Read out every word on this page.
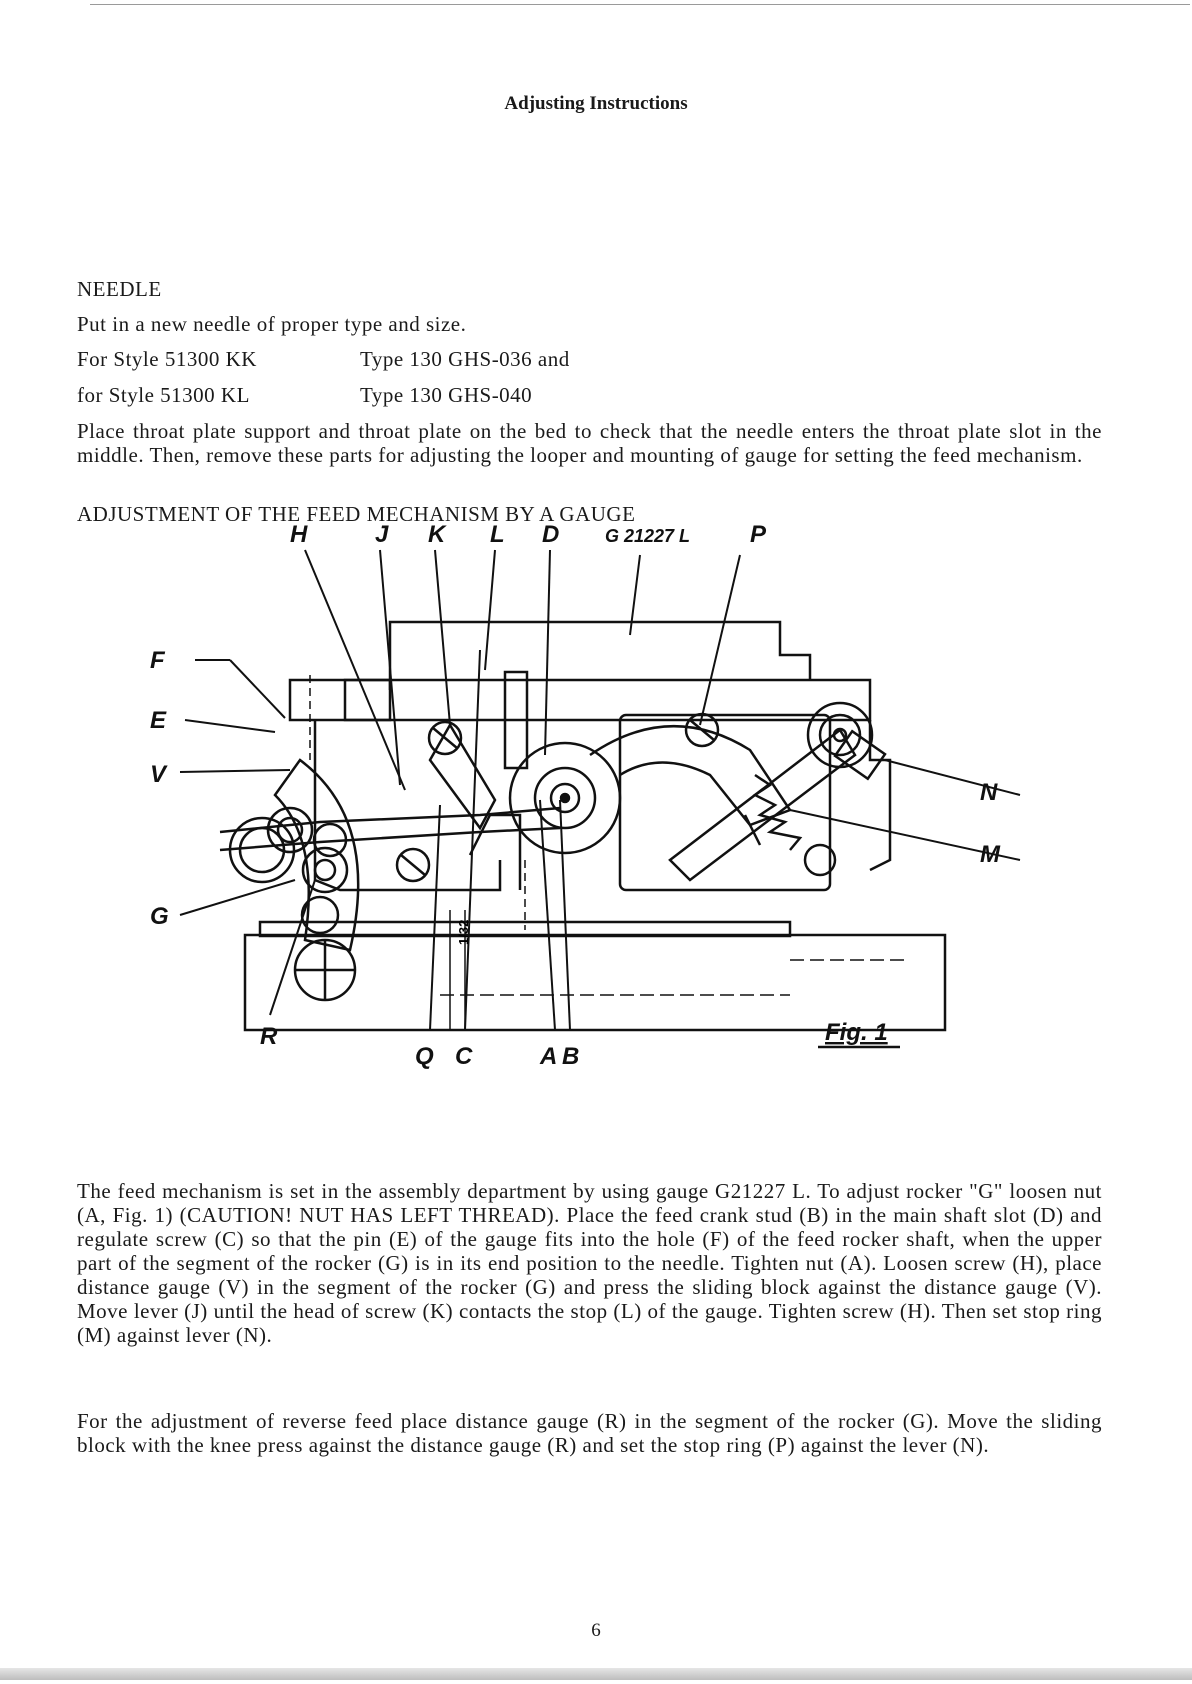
Adjusting Instructions
NEEDLE
Put in a new needle of proper type and size.
For Style 51300 KK	Type 130 GHS-036 and
for Style 51300 KL	Type 130 GHS-040
Place throat plate support and throat plate on the bed to check that the needle enters the throat plate slot in the middle. Then, remove these parts for adjusting the looper and mounting of gauge for setting the feed mechanism.
ADJUSTMENT OF THE FEED MECHANISM BY A GAUGE
H	J K L D	G 21227 L P
F
E
V
G
N
M
R
Q C	A B
1/32
Fig. 1
The feed mechanism is set in the assembly department by using gauge G21227 L. To adjust rocker "G" loosen nut (A, Fig. 1) (CAUTION! NUT HAS LEFT THREAD). Place the feed crank stud (B) in the main shaft slot (D) and regulate screw (C) so that the pin (E) of the gauge fits into the hole (F) of the feed rocker shaft, when the upper part of the segment of the rocker (G) is in its end position to the needle. Tighten nut (A). Loosen screw (H), place distance gauge (V) in the segment of the rocker (G) and press the sliding block against the distance gauge (V). Move lever (J) until the head of screw (K) contacts the stop (L) of the gauge. Tighten screw (H). Then set stop ring (M) against lever (N).
For the adjustment of reverse feed place distance gauge (R) in the segment of the rocker (G). Move the sliding block with the knee press against the distance gauge (R) and set the stop ring (P) against the lever (N).
6
